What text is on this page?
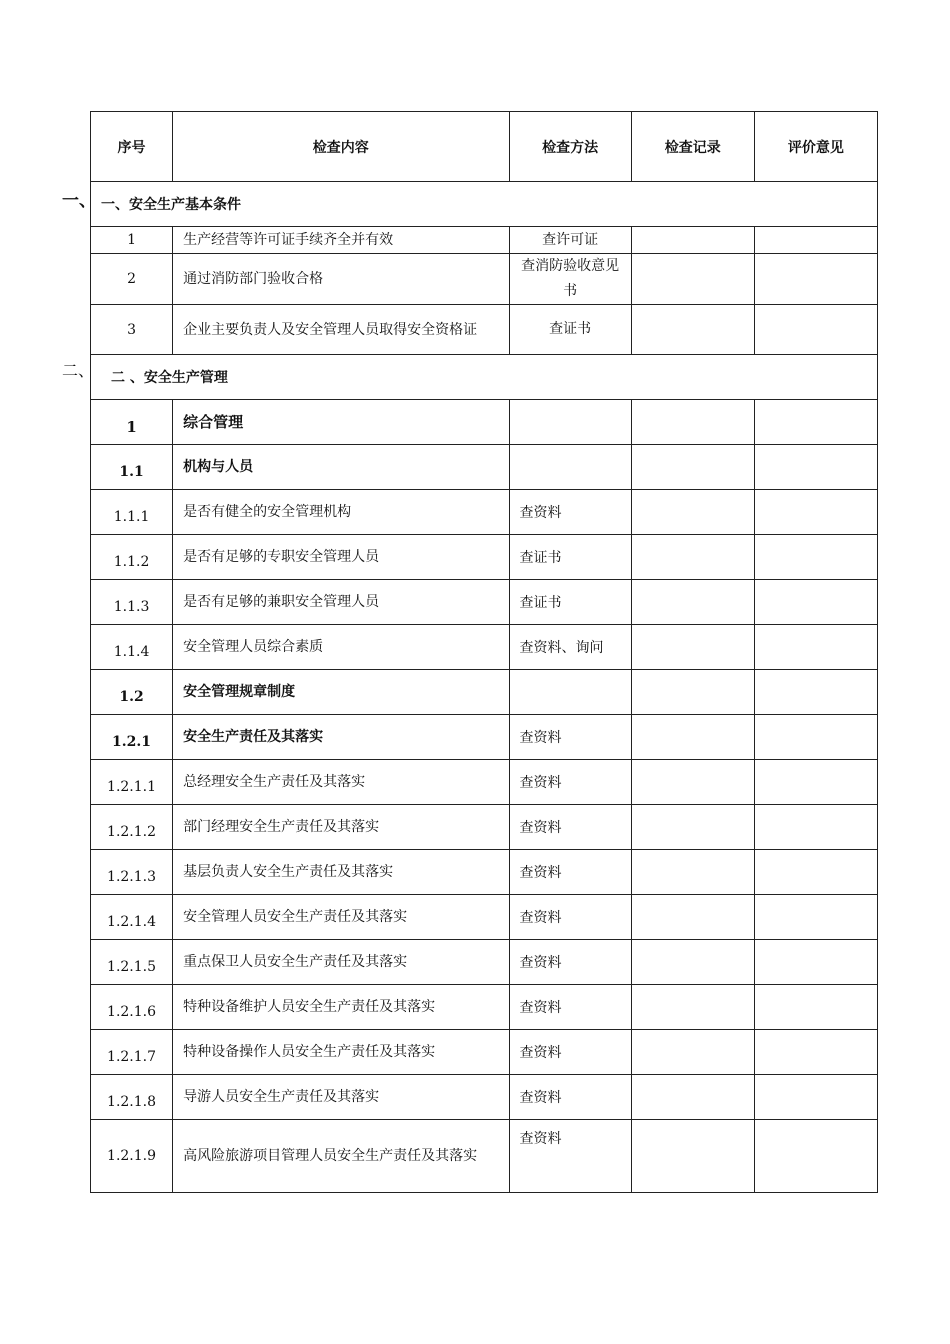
一、
二、
序号	检查内容	检查方法	检查记录	评价意见
一、安全生产基本条件				
1	生产经营等许可证手续齐全并有效	查许可证		
2	通过消防部门验收合格	查消防验收意见书		
3	企业主要负责人及安全管理人员取得安全资格证	查证书		
二 、安全生产管理				
1	综合管理			
1.1	机构与人员			
1.1.1	是否有健全的安全管理机构	查资料		
1.1.2	是否有足够的专职安全管理人员	查证书		
1.1.3	是否有足够的兼职安全管理人员	查证书		
1.1.4	安全管理人员综合素质	查资料、询问		
1.2	安全管理规章制度			
1.2.1	安全生产责任及其落实	查资料		
1.2.1.1	总经理安全生产责任及其落实	查资料		
1.2.1.2	部门经理安全生产责任及其落实	查资料		
1.2.1.3	基层负责人安全生产责任及其落实	查资料		
1.2.1.4	安全管理人员安全生产责任及其落实	查资料		
1.2.1.5	重点保卫人员安全生产责任及其落实	查资料		
1.2.1.6	特种设备维护人员安全生产责任及其落实	查资料		
1.2.1.7	特种设备操作人员安全生产责任及其落实	查资料		
1.2.1.8	导游人员安全生产责任及其落实	查资料		
1.2.1.9	高风险旅游项目管理人员安全生产责任及其落实	查资料		
